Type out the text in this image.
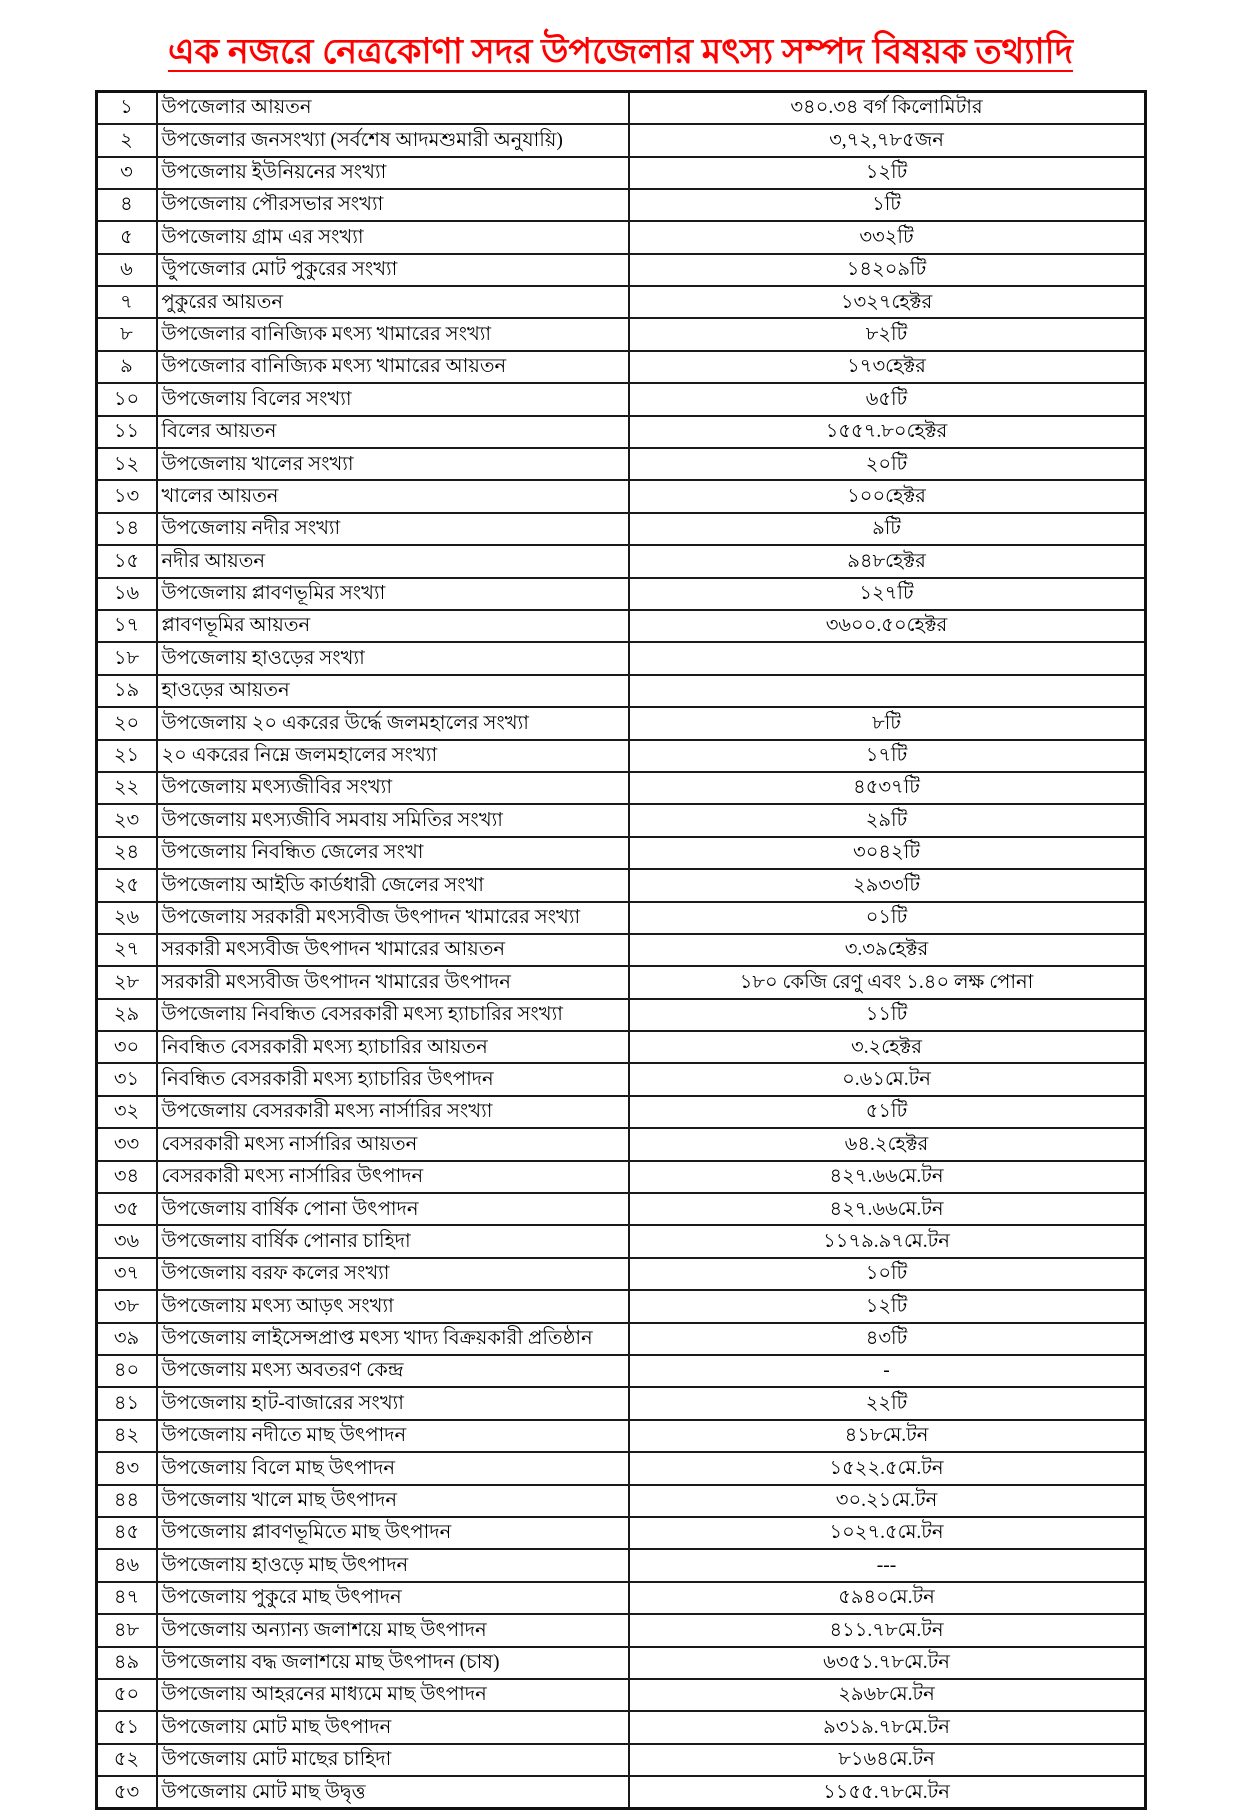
এক নজরে নেত্রকোণা সদর উপজেলার মৎস্য সম্পদ বিষয়ক তথ্যাদি
১	উপজেলার আয়তন	৩৪০.৩৪ বর্গ কিলোমিটার
২	উপজেলার জনসংখ্যা (সর্বশেষ আদমশুমারী অনুযায়ি)	৩,৭২,৭৮৫জন
৩	উপজেলায় ইউনিয়নের সংখ্যা	১২টি
৪	উপজেলায় পৌরসভার সংখ্যা	১টি
৫	উপজেলায় গ্রাম এর সংখ্যা	৩৩২টি
৬	উুপজেলার মোট পুকুরের সংখ্যা	১৪২০৯টি
৭	পুকুরের আয়তন	১৩২৭হেক্টর
৮	উপজেলার বানিজ্যিক মৎস্য খামারের সংখ্যা	৮২টি
৯	উপজেলার বানিজ্যিক মৎস্য খামারের আয়তন	১৭৩হেক্টর
১০	উপজেলায় বিলের সংখ্যা	৬৫টি
১১	বিলের আয়তন	১৫৫৭.৮০হেক্টর
১২	উপজেলায় খালের সংখ্যা	২০টি
১৩	খালের আয়তন	১০০হেক্টর
১৪	উপজেলায় নদীর সংখ্যা	৯টি
১৫	নদীর আয়তন	৯৪৮হেক্টর
১৬	উপজেলায় প্লাবণভূমির সংখ্যা	১২৭টি
১৭	প্লাবণভূমির আয়তন	৩৬০০.৫০হেক্টর
১৮	উপজেলায় হাওড়ের সংখ্যা	
১৯	হাওড়ের আয়তন	
২০	উপজেলায় ২০ একরের উর্দ্ধে জলমহালের সংখ্যা	৮টি
২১	২০ একরের নিম্নে জলমহালের সংখ্যা	১৭টি
২২	উপজেলায় মৎস্যজীবির সংখ্যা	৪৫৩৭টি
২৩	উপজেলায় মৎস্যজীবি সমবায় সমিতির সংখ্যা	২৯টি
২৪	উপজেলায় নিবন্ধিত জেলের সংখা	৩০৪২টি
২৫	উপজেলায় আইডি কার্ডধারী জেলের সংখা	২৯৩৩টি
২৬	উপজেলায় সরকারী মৎস্যবীজ উৎপাদন খামারের সংখ্যা	০১টি
২৭	সরকারী মৎস্যবীজ উৎপাদন খামারের আয়তন	৩.৩৯হেক্টর
২৮	সরকারী মৎস্যবীজ উৎপাদন খামারের উৎপাদন	১৮০ কেজি রেণু এবং ১.৪০ লক্ষ পোনা
২৯	উপজেলায় নিবন্ধিত বেসরকারী মৎস্য হ্যাচারির সংখ্যা	১১টি
৩০	নিবন্ধিত বেসরকারী মৎস্য হ্যাচারির আয়তন	৩.২হেক্টর
৩১	নিবন্ধিত বেসরকারী মৎস্য হ্যাচারির উৎপাদন	০.৬১মে.টন
৩২	উপজেলায় বেসরকারী মৎস্য নার্সারির সংখ্যা	৫১টি
৩৩	বেসরকারী মৎস্য নার্সারির আয়তন	৬৪.২হেক্টর
৩৪	বেসরকারী মৎস্য নার্সারির উৎপাদন	৪২৭.৬৬মে.টন
৩৫	উপজেলায় বার্ষিক পোনা উৎপাদন	৪২৭.৬৬মে.টন
৩৬	উপজেলায় বার্ষিক পোনার চাহিদা	১১৭৯.৯৭মে.টন
৩৭	উপজেলায় বরফ কলের সংখ্যা	১০টি
৩৮	উপজেলায় মৎস্য আড়ৎ সংখ্যা	১২টি
৩৯	উপজেলায় লাইসেন্সপ্রাপ্ত মৎস্য খাদ্য বিক্রয়কারী প্রতিষ্ঠান	৪৩টি
৪০	উপজেলায় মৎস্য অবতরণ কেন্দ্র	-
৪১	উপজেলায় হাট-বাজারের সংখ্যা	২২টি
৪২	উপজেলায় নদীতে মাছ উৎপাদন	৪১৮মে.টন
৪৩	উপজেলায় বিলে মাছ উৎপাদন	১৫২২.৫মে.টন
৪৪	উপজেলায় খালে মাছ উৎপাদন	৩০.২১মে.টন
৪৫	উপজেলায় প্লাবণভূমিতে মাছ উৎপাদন	১০২৭.৫মে.টন
৪৬	উপজেলায় হাওড়ে মাছ উৎপাদন	---
৪৭	উপজেলায় পুকুরে মাছ উৎপাদন	৫৯৪০মে.টন
৪৮	উপজেলায় অন্যান্য জলাশয়ে মাছ উৎপাদন	৪১১.৭৮মে.টন
৪৯	উপজেলায় বদ্ধ জলাশয়ে মাছ উৎপাদন (চাষ)	৬৩৫১.৭৮মে.টন
৫০	উপজেলায় আহরনের মাধ্যমে মাছ উৎপাদন	২৯৬৮মে.টন
৫১	উপজেলায় মোট মাছ উৎপাদন	৯৩১৯.৭৮মে.টন
৫২	উপজেলায় মোট মাছের চাহিদা	৮১৬৪মে.টন
৫৩	উপজেলায় মোট মাছ উদ্বৃত্ত	১১৫৫.৭৮মে.টন
